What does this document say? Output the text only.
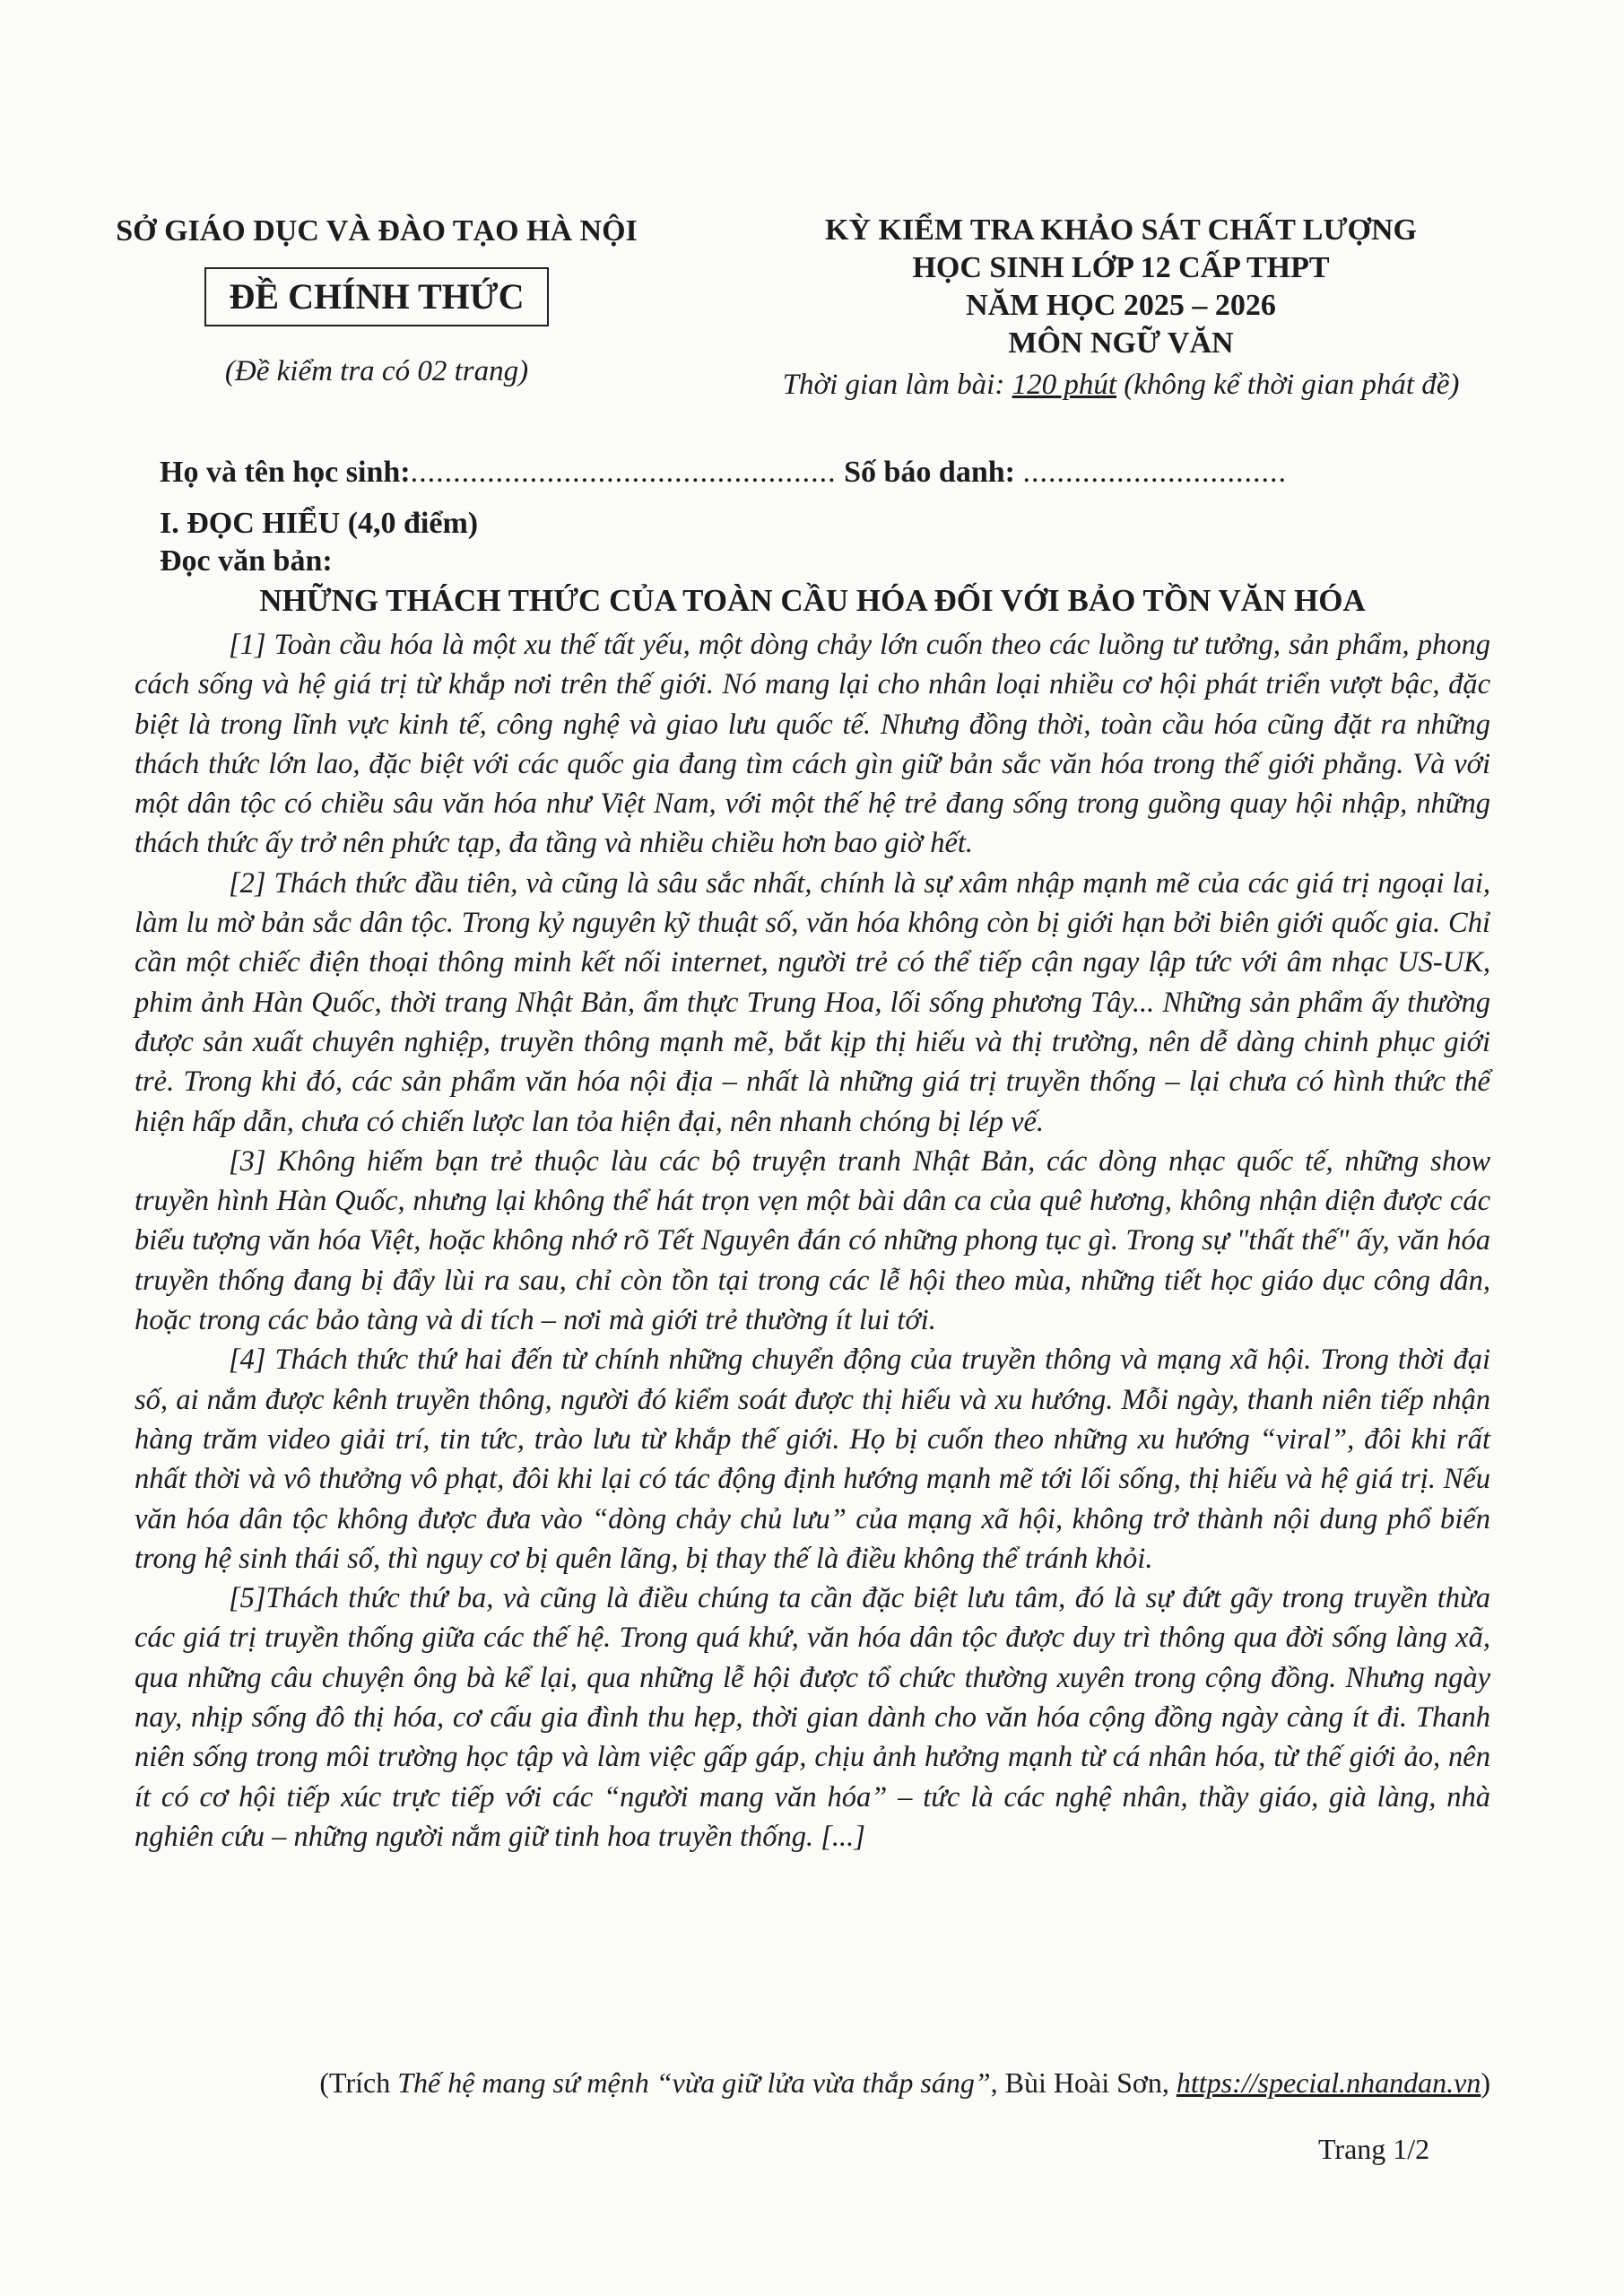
SỞ GIÁO DỤC VÀ ĐÀO TẠO HÀ NỘI
ĐỀ CHÍNH THỨC
(Đề kiểm tra có 02 trang)
KỲ KIỂM TRA KHẢO SÁT CHẤT LƯỢNG
HỌC SINH LỚP 12 CẤP THPT
NĂM HỌC 2025 – 2026
MÔN NGỮ VĂN
Thời gian làm bài: 120 phút (không kể thời gian phát đề)
Họ và tên học sinh:.................................................. Số báo danh: ...............................
I. ĐỌC HIỂU (4,0 điểm)
Đọc văn bản:
NHỮNG THÁCH THỨC CỦA TOÀN CẦU HÓA ĐỐI VỚI BẢO TỒN VĂN HÓA

[1] Toàn cầu hóa là một xu thế tất yếu, một dòng chảy lớn cuốn theo các luồng tư tưởng, sản phẩm, phong cách sống và hệ giá trị từ khắp nơi trên thế giới. Nó mang lại cho nhân loại nhiều cơ hội phát triển vượt bậc, đặc biệt là trong lĩnh vực kinh tế, công nghệ và giao lưu quốc tế. Nhưng đồng thời, toàn cầu hóa cũng đặt ra những thách thức lớn lao, đặc biệt với các quốc gia đang tìm cách gìn giữ bản sắc văn hóa trong thế giới phẳng. Và với một dân tộc có chiều sâu văn hóa như Việt Nam, với một thế hệ trẻ đang sống trong guồng quay hội nhập, những thách thức ấy trở nên phức tạp, đa tầng và nhiều chiều hơn bao giờ hết.

[2] Thách thức đầu tiên, và cũng là sâu sắc nhất, chính là sự xâm nhập mạnh mẽ của các giá trị ngoại lai, làm lu mờ bản sắc dân tộc. Trong kỷ nguyên kỹ thuật số, văn hóa không còn bị giới hạn bởi biên giới quốc gia. Chỉ cần một chiếc điện thoại thông minh kết nối internet, người trẻ có thể tiếp cận ngay lập tức với âm nhạc US-UK, phim ảnh Hàn Quốc, thời trang Nhật Bản, ẩm thực Trung Hoa, lối sống phương Tây... Những sản phẩm ấy thường được sản xuất chuyên nghiệp, truyền thông mạnh mẽ, bắt kịp thị hiếu và thị trường, nên dễ dàng chinh phục giới trẻ. Trong khi đó, các sản phẩm văn hóa nội địa – nhất là những giá trị truyền thống – lại chưa có hình thức thể hiện hấp dẫn, chưa có chiến lược lan tỏa hiện đại, nên nhanh chóng bị lép vế.

[3] Không hiếm bạn trẻ thuộc làu các bộ truyện tranh Nhật Bản, các dòng nhạc quốc tế, những show truyền hình Hàn Quốc, nhưng lại không thể hát trọn vẹn một bài dân ca của quê hương, không nhận diện được các biểu tượng văn hóa Việt, hoặc không nhớ rõ Tết Nguyên đán có những phong tục gì. Trong sự "thất thế" ấy, văn hóa truyền thống đang bị đẩy lùi ra sau, chỉ còn tồn tại trong các lễ hội theo mùa, những tiết học giáo dục công dân, hoặc trong các bảo tàng và di tích – nơi mà giới trẻ thường ít lui tới.

[4] Thách thức thứ hai đến từ chính những chuyển động của truyền thông và mạng xã hội. Trong thời đại số, ai nắm được kênh truyền thông, người đó kiểm soát được thị hiếu và xu hướng. Mỗi ngày, thanh niên tiếp nhận hàng trăm video giải trí, tin tức, trào lưu từ khắp thế giới. Họ bị cuốn theo những xu hướng “viral”, đôi khi rất nhất thời và vô thưởng vô phạt, đôi khi lại có tác động định hướng mạnh mẽ tới lối sống, thị hiếu và hệ giá trị. Nếu văn hóa dân tộc không được đưa vào “dòng chảy chủ lưu” của mạng xã hội, không trở thành nội dung phổ biến trong hệ sinh thái số, thì nguy cơ bị quên lãng, bị thay thế là điều không thể tránh khỏi.

[5]Thách thức thứ ba, và cũng là điều chúng ta cần đặc biệt lưu tâm, đó là sự đứt gãy trong truyền thừa các giá trị truyền thống giữa các thế hệ. Trong quá khứ, văn hóa dân tộc được duy trì thông qua đời sống làng xã, qua những câu chuyện ông bà kể lại, qua những lễ hội được tổ chức thường xuyên trong cộng đồng. Nhưng ngày nay, nhịp sống đô thị hóa, cơ cấu gia đình thu hẹp, thời gian dành cho văn hóa cộng đồng ngày càng ít đi. Thanh niên sống trong môi trường học tập và làm việc gấp gáp, chịu ảnh hưởng mạnh từ cá nhân hóa, từ thế giới ảo, nên ít có cơ hội tiếp xúc trực tiếp với các “người mang văn hóa” – tức là các nghệ nhân, thầy giáo, già làng, nhà nghiên cứu – những người nắm giữ tinh hoa truyền thống. [...]

(Trích Thế hệ mang sứ mệnh “vừa giữ lửa vừa thắp sáng”, Bùi Hoài Sơn, https://special.nhandan.vn)
Trang 1/2
